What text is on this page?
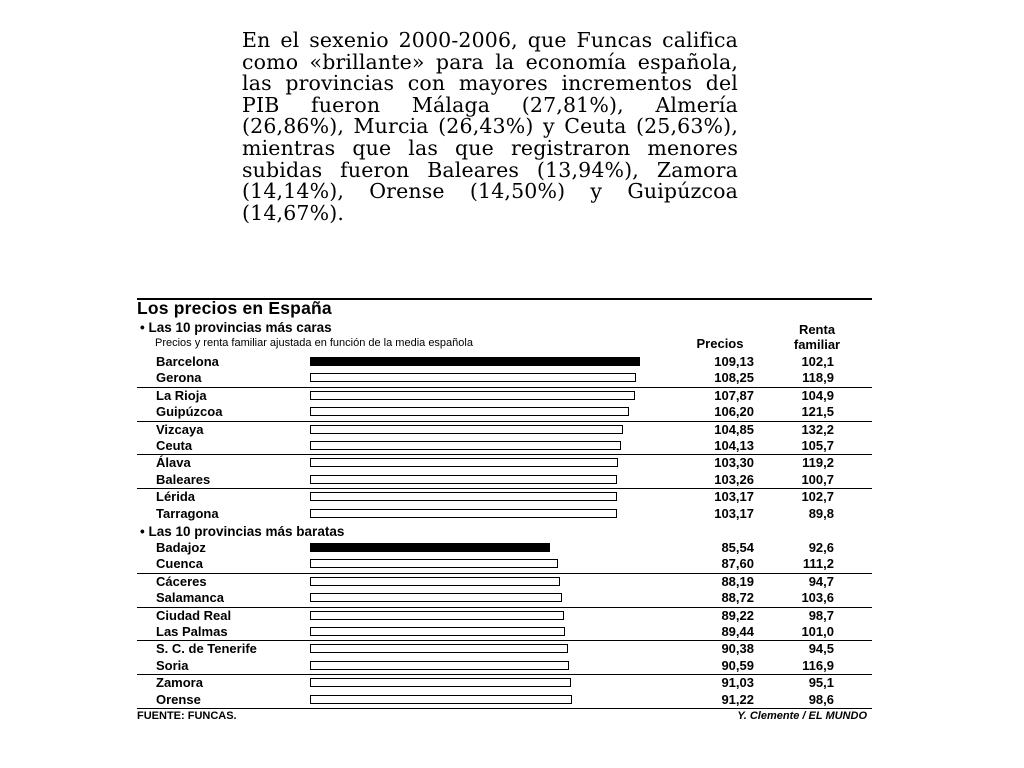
En el sexenio 2000-2006, que Funcas califica como «brillante» para la economía española, las provincias con mayores incrementos del PIB fueron Málaga (27,81%), Almería (26,86%), Murcia (26,43%) y Ceuta (25,63%), mientras que las que registraron menores subidas fueron Baleares (13,94%), Zamora (14,14%), Orense (14,50%) y Guipúzcoa (14,67%).
Los precios en España
• Las 10 provincias más caras
Precios y renta familiar ajustada en función de la media española	Precios
Renta familiar
Barcelona	109,13	102,1
Gerona	108,25	118,9
La Rioja	107,87	104,9
Guipúzcoa	106,20	121,5
Vizcaya	104,85	132,2
Ceuta	104,13	105,7
Álava	103,30	119,2
Baleares	103,26	100,7
Lérida	103,17	102,7
Tarragona	103,17	89,8
• Las 10 provincias más baratas
Badajoz	85,54	92,6
Cuenca	87,60	111,2
Cáceres	88,19	94,7
Salamanca	88,72	103,6
Ciudad Real	89,22	98,7
Las Palmas	89,44	101,0
S. C. de Tenerife	90,38	94,5
Soria	90,59	116,9
Zamora	91,03	95,1
Orense	91,22	98,6
FUENTE: FUNCAS.	Y. Clemente / EL MUNDO
